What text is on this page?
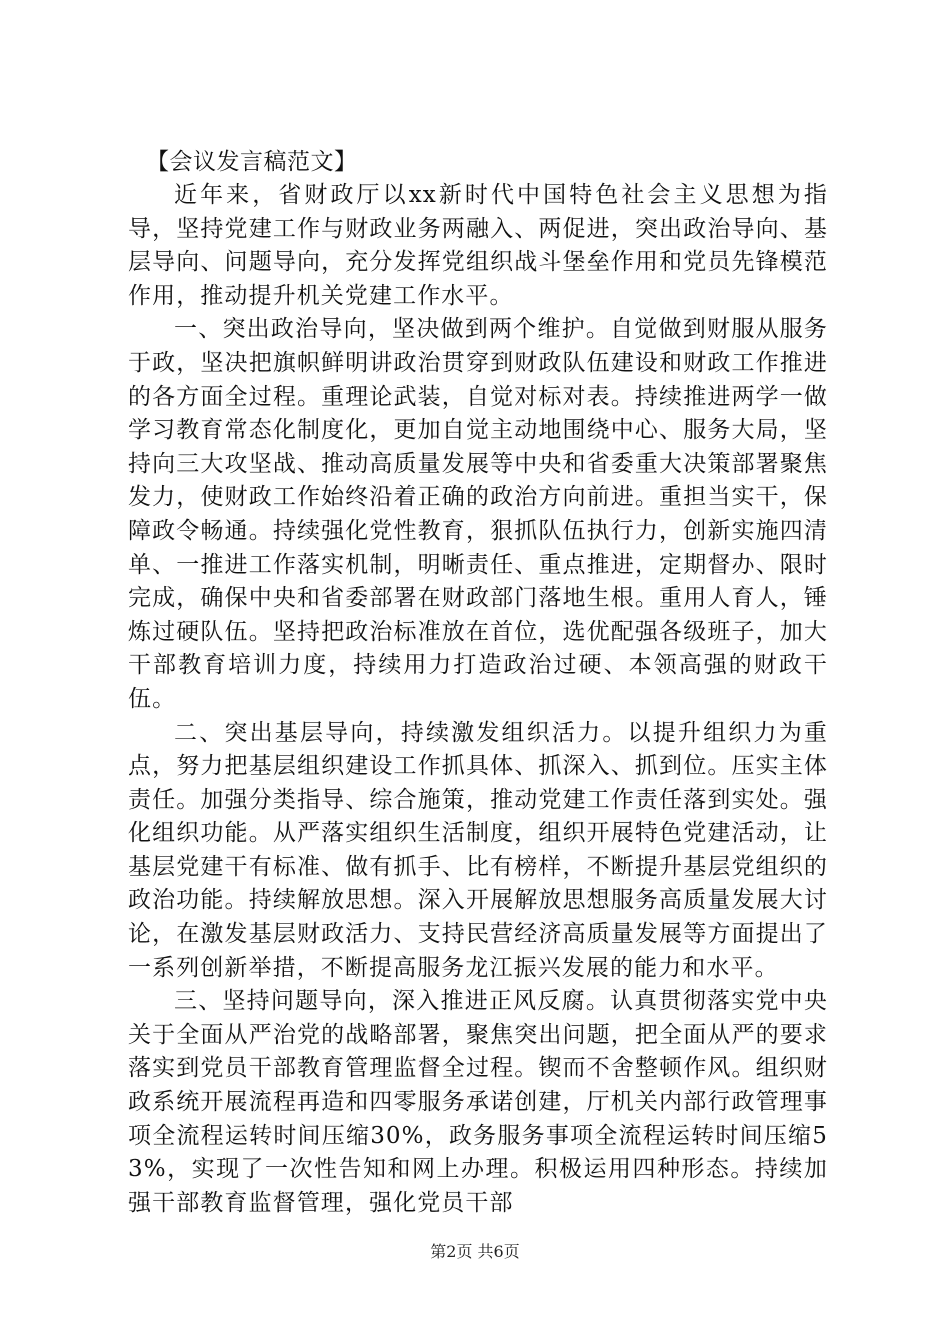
【会议发言稿范文】

近年来，省财政厅以xx新时代中国特色社会主义思想为指导，坚持党建工作与财政业务两融入、两促进，突出政治导向、基层导向、问题导向，充分发挥党组织战斗堡垒作用和党员先锋模范作用，推动提升机关党建工作水平。

一、突出政治导向，坚决做到两个维护。自觉做到财服从服务于政，坚决把旗帜鲜明讲政治贯穿到财政队伍建设和财政工作推进的各方面全过程。重理论武装，自觉对标对表。持续推进两学一做学习教育常态化制度化，更加自觉主动地围绕中心、服务大局，坚持向三大攻坚战、推动高质量发展等中央和省委重大决策部署聚焦发力，使财政工作始终沿着正确的政治方向前进。重担当实干，保障政令畅通。持续强化党性教育，狠抓队伍执行力，创新实施四清单、一推进工作落实机制，明晰责任、重点推进，定期督办、限时完成，确保中央和省委部署在财政部门落地生根。重用人育人，锤炼过硬队伍。坚持把政治标准放在首位，选优配强各级班子，加大干部教育培训力度，持续用力打造政治过硬、本领高强的财政干伍。

二、突出基层导向，持续激发组织活力。以提升组织力为重点，努力把基层组织建设工作抓具体、抓深入、抓到位。压实主体责任。加强分类指导、综合施策，推动党建工作责任落到实处。强化组织功能。从严落实组织生活制度，组织开展特色党建活动，让基层党建干有标准、做有抓手、比有榜样，不断提升基层党组织的政治功能。持续解放思想。深入开展解放思想服务高质量发展大讨论，在激发基层财政活力、支持民营经济高质量发展等方面提出了一系列创新举措，不断提高服务龙江振兴发展的能力和水平。

三、坚持问题导向，深入推进正风反腐。认真贯彻落实党中央关于全面从严治党的战略部署，聚焦突出问题，把全面从严的要求落实到党员干部教育管理监督全过程。锲而不舍整顿作风。组织财政系统开展流程再造和四零服务承诺创建，厅机关内部行政管理事项全流程运转时间压缩30%，政务服务事项全流程运转时间压缩53%，实现了一次性告知和网上办理。积极运用四种形态。持续加强干部教育监督管理，强化党员干部

第2页 共6页
